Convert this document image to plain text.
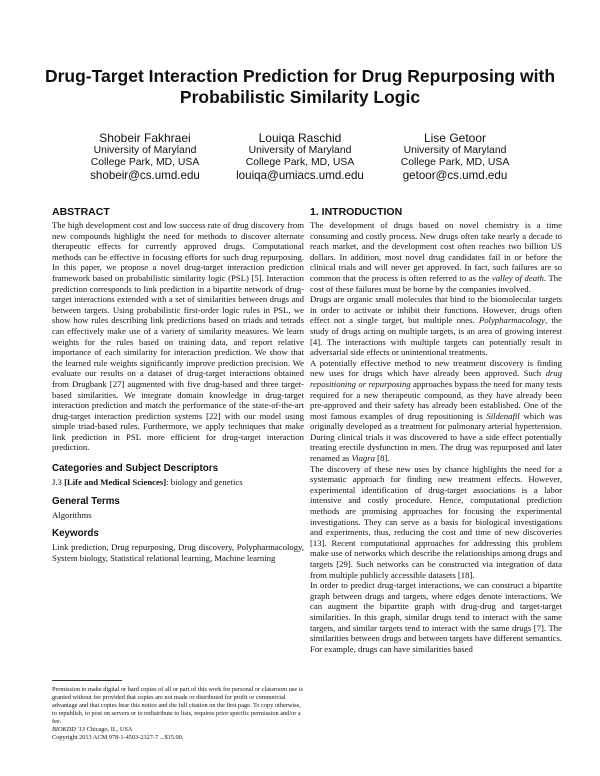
Drug-Target Interaction Prediction for Drug Repurposing with Probabilistic Similarity Logic
Shobeir Fakhraei
University of Maryland
College Park, MD, USA
shobeir@cs.umd.edu
Louiqa Raschid
University of Maryland
College Park, MD, USA
louiqa@umiacs.umd.edu
Lise Getoor
University of Maryland
College Park, MD, USA
getoor@cs.umd.edu
ABSTRACT

The high development cost and low success rate of drug discovery from new compounds highlight the need for methods to discover alternate therapeutic effects for currently approved drugs. Computational methods can be effective in focusing efforts for such drug repurposing. In this paper, we propose a novel drug-target interaction prediction framework based on probabilistic similarity logic (PSL) [5]. Interaction prediction corresponds to link prediction in a bipartite network of drug-target interactions extended with a set of similarities between drugs and between targets. Using probabilistic first-order logic rules in PSL, we show how rules describing link predictions based on triads and tetrads can effectively make use of a variety of similarity measures. We learn weights for the rules based on training data, and report relative importance of each similarity for interaction prediction. We show that the learned rule weights significantly improve prediction precision. We evaluate our results on a dataset of drug-target interactions obtained from Drugbank [27] augmented with five drug-based and three target-based similarities. We integrate domain knowledge in drug-target interaction prediction and match the performance of the state-of-the-art drug-target interaction prediction systems [22] with our model using simple triad-based rules. Furthermore, we apply techniques that make link prediction in PSL more efficient for drug-target interaction prediction.

Categories and Subject Descriptors

J.3 [Life and Medical Sciences]: biology and genetics

General Terms

Algorithms

Keywords

Link prediction, Drug repurposing, Drug discovery, Polypharmacology, System biology, Statistical relational learning, Machine learning

Permission to make digital or hard copies of all or part of this work for personal or classroom use is granted without fee provided that copies are not made or distributed for profit or commercial advantage and that copies bear this notice and the full citation on the first page. To copy otherwise, to republish, to post on servers or to redistribute to lists, requires prior specific permission and/or a fee.

BIOKDD '13 Chicago, IL, USA

Copyright 2013 ACM 978-1-4503-2327-7 ...$15.00.

1. INTRODUCTION

The development of drugs based on novel chemistry is a time consuming and costly process. New drugs often take nearly a decade to reach market, and the development cost often reaches two billion US dollars. In addition, most novel drug candidates fail in or before the clinical trials and will never get approved. In fact, such failures are so common that the process is often referred to as the valley of death. The cost of these failures must be borne by the companies involved.

Drugs are organic small molecules that bind to the biomolecular targets in order to activate or inhibit their functions. However, drugs often effect not a single target, but multiple ones. Polypharmacology, the study of drugs acting on multiple targets, is an area of growing interest [4]. The interactions with multiple targets can potentially result in adversarial side effects or unintentional treatments.

A potentially effective method to new treatment discovery is finding new uses for drugs which have already been approved. Such drug repositioning or repurposing approaches bypass the need for many tests required for a new therapeutic compound, as they have already been pre-approved and their safety has already been established. One of the most famous examples of drug repositioning is Sildenafil which was originally developed as a treatment for pulmonary arterial hypertension. During clinical trials it was discovered to have a side effect potentially treating erectile dysfunction in men. The drug was repurposed and later renamed as Viagra [8].

The discovery of these new uses by chance highlights the need for a systematic approach for finding new treatment effects. However, experimental identification of drug-target associations is a labor intensive and costly procedure. Hence, computational prediction methods are promising approaches for focusing the experimental investigations. They can serve as a basis for biological investigations and experiments, thus, reducing the cost and time of new discoveries [13]. Recent computational approaches for addressing this problem make use of networks which describe the relationships among drugs and targets [29]. Such networks can be constructed via integration of data from multiple publicly accessible datasets [18].

In order to predict drug-target interactions, we can construct a bipartite graph between drugs and targets, where edges denote interactions. We can augment the bipartite graph with drug-drug and target-target similarities. In this graph, similar drugs tend to interact with the same targets, and similar targets tend to interact with the same drugs [7]. The similarities between drugs and between targets have different semantics. For example, drugs can have similarities based
